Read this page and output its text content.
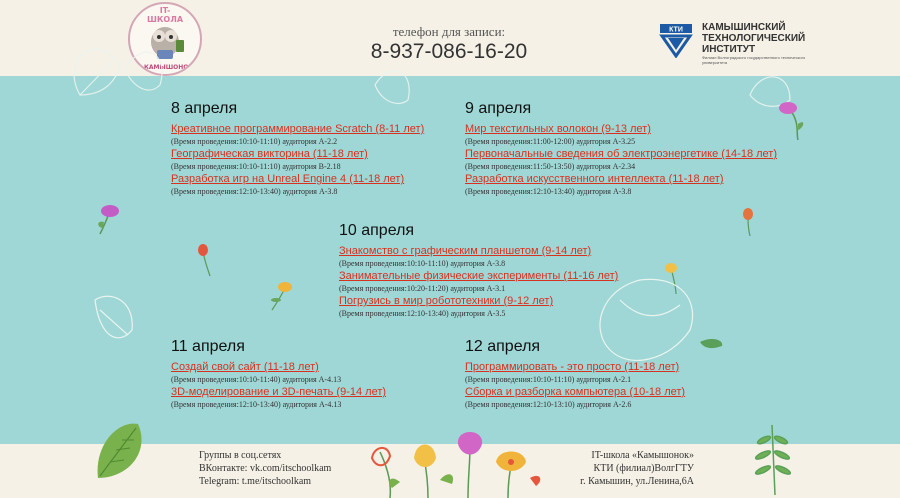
IT-ШКОЛА
КАМЫШОНОК
телефон для записи:
8-937-086-16-20
КТИ КАМЫШИНСКИЙ
ТЕХНОЛОГИЧЕСКИЙ
ИНСТИТУТ
Филиал Волгоградского государственного технического университета
8 апреля
Креативное программирование Scratch (8-11 лет)
(Время проведения:10:10-11:10) аудитория А-2.2
Географическая викторина (11-18 лет)
(Время проведения:10:10-11:10) аудитория В-2.18
Разработка игр на Unreal Engine 4 (11-18 лет)
(Время проведения:12:10-13:40) аудитория А-3.8
9 апреля
Мир текстильных волокон (9-13 лет)
(Время проведения:11:00-12:00) аудитория А-3.25
Первоначальные сведения об электроэнергетике (14-18 лет)
(Время проведения:11:50-13:50) аудитория А-2.34
Разработка искусственного интеллекта (11-18 лет)
(Время проведения:12:10-13:40) аудитория А-3.8
10 апреля
Знакомство с графическим планшетом (9-14 лет)
(Время проведения:10:10-11:10) аудитория А-3.8
Занимательные физические эксперименты (11-16 лет)
(Время проведения:10:20-11:20) аудитория А-3.1
Погрузись в мир робототехники (9-12 лет)
(Время проведения:12:10-13:40) аудитория А-3.5
11 апреля
Создай свой сайт (11-18 лет)
(Время проведения:10:10-11:40) аудитория А-4.13
3D-моделирование и 3D-печать (9-14 лет)
(Время проведения:12:10-13:40) аудитория А-4.13
12 апреля
Программировать - это просто (11-18 лет)
(Время проведения:10:10-11:10) аудитория А-2.1
Сборка и разборка компьютера (10-18 лет)
(Время проведения:12:10-13:10) аудитория А-2.6
Группы в соц.сетях
ВКонтакте: vk.com/itschoolkam
Telegram: t.me/itschoolkam
IT-школа «Камышонок»
КТИ (филиал)ВолгГТУ
г. Камышин, ул.Ленина,6А
